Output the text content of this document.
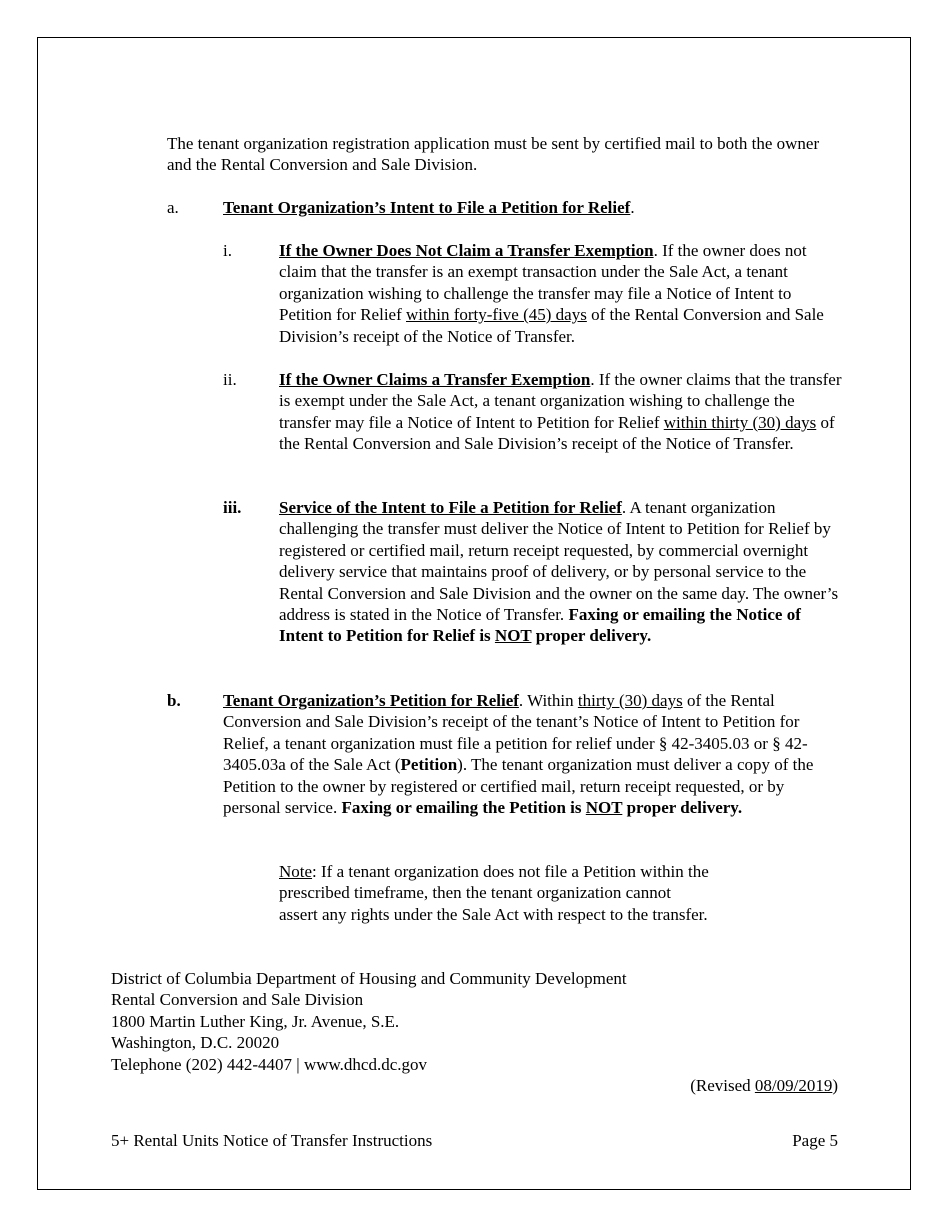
The tenant organization registration application must be sent by certified mail to both the owner and the Rental Conversion and Sale Division.
a.	Tenant Organization’s Intent to File a Petition for Relief.
i.	If the Owner Does Not Claim a Transfer Exemption. If the owner does not claim that the transfer is an exempt transaction under the Sale Act, a tenant organization wishing to challenge the transfer may file a Notice of Intent to Petition for Relief within forty-five (45) days of the Rental Conversion and Sale Division’s receipt of the Notice of Transfer.
ii. If the Owner Claims a Transfer Exemption. If the owner claims that the transfer is exempt under the Sale Act, a tenant organization wishing to challenge the transfer may file a Notice of Intent to Petition for Relief within thirty (30) days of the Rental Conversion and Sale Division’s receipt of the Notice of Transfer.
iii. Service of the Intent to File a Petition for Relief. A tenant organization challenging the transfer must deliver the Notice of Intent to Petition for Relief by registered or certified mail, return receipt requested, by commercial overnight delivery service that maintains proof of delivery, or by personal service to the Rental Conversion and Sale Division and the owner on the same day. The owner’s address is stated in the Notice of Transfer. Faxing or emailing the Notice of Intent to Petition for Relief is NOT proper delivery.
b. Tenant Organization’s Petition for Relief. Within thirty (30) days of the Rental Conversion and Sale Division’s receipt of the tenant’s Notice of Intent to Petition for Relief, a tenant organization must file a petition for relief under § 42-3405.03 or § 42-3405.03a of the Sale Act (Petition). The tenant organization must deliver a copy of the Petition to the owner by registered or certified mail, return receipt requested, or by personal service. Faxing or emailing the Petition is NOT proper delivery.
Note: If a tenant organization does not file a Petition within the prescribed timeframe, then the tenant organization cannot assert any rights under the Sale Act with respect to the transfer.
District of Columbia Department of Housing and Community Development
Rental Conversion and Sale Division
1800 Martin Luther King, Jr. Avenue, S.E.
Washington, D.C. 20020
Telephone (202) 442-4407 | www.dhcd.dc.gov
(Revised 08/09/2019)
5+ Rental Units Notice of Transfer Instructions	Page 5
